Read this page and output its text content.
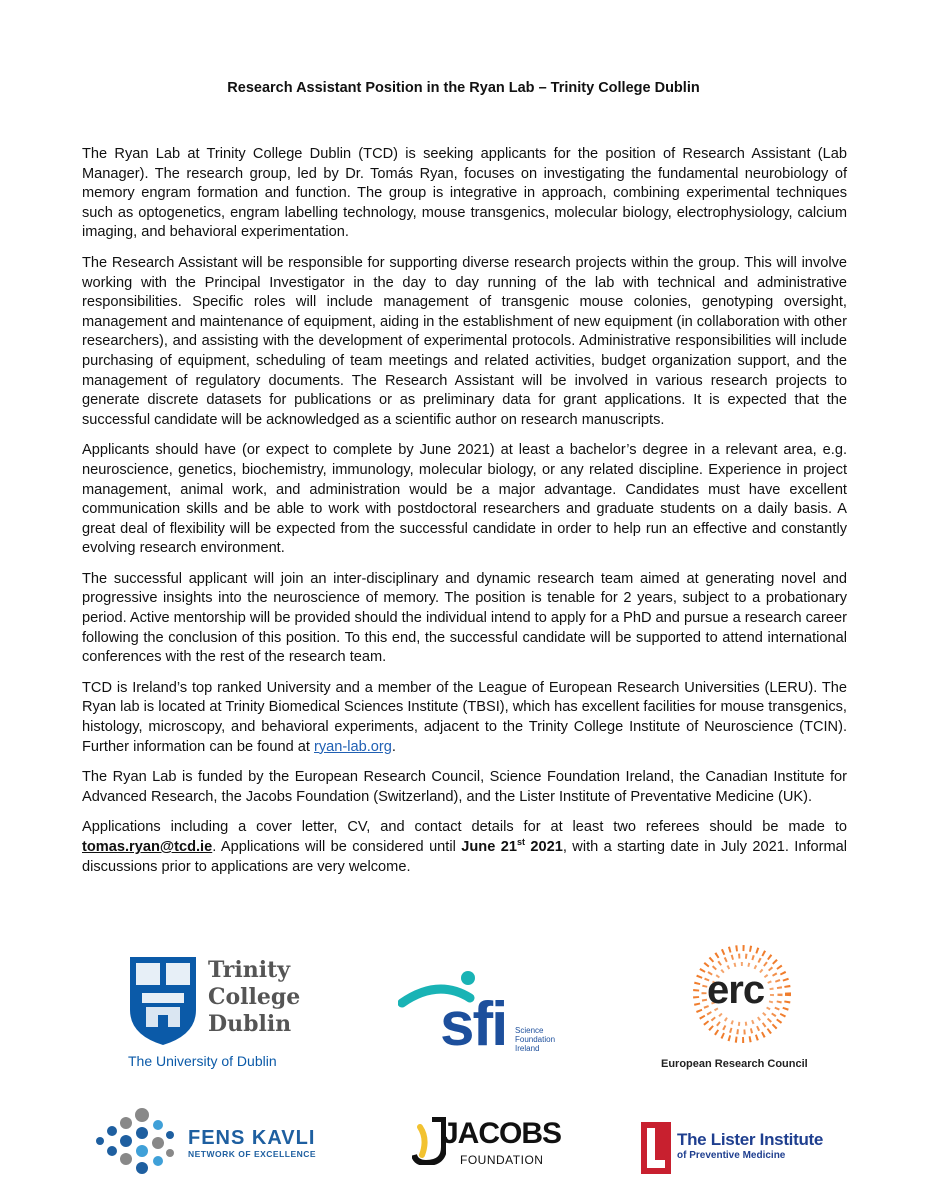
Research Assistant Position in the Ryan Lab – Trinity College Dublin

The Ryan Lab at Trinity College Dublin (TCD) is seeking applicants for the position of Research Assistant (Lab Manager). The research group, led by Dr. Tomás Ryan, focuses on investigating the fundamental neurobiology of memory engram formation and function. The group is integrative in approach, combining experimental techniques such as optogenetics, engram labelling technology, mouse transgenics, molecular biology, electrophysiology, calcium imaging, and behavioral experimentation.

The Research Assistant will be responsible for supporting diverse research projects within the group. This will involve working with the Principal Investigator in the day to day running of the lab with technical and administrative responsibilities. Specific roles will include management of transgenic mouse colonies, genotyping oversight, management and maintenance of equipment, aiding in the establishment of new equipment (in collaboration with other researchers), and assisting with the development of experimental protocols. Administrative responsibilities will include purchasing of equipment, scheduling of team meetings and related activities, budget organization support, and the management of regulatory documents. The Research Assistant will be involved in various research projects to generate discrete datasets for publications or as preliminary data for grant applications. It is expected that the successful candidate will be acknowledged as a scientific author on research manuscripts.

Applicants should have (or expect to complete by June 2021) at least a bachelor’s degree in a relevant area, e.g. neuroscience, genetics, biochemistry, immunology, molecular biology, or any related discipline. Experience in project management, animal work, and administration would be a major advantage. Candidates must have excellent communication skills and be able to work with postdoctoral researchers and graduate students on a daily basis. A great deal of flexibility will be expected from the successful candidate in order to help run an effective and constantly evolving research environment.

The successful applicant will join an inter-disciplinary and dynamic research team aimed at generating novel and progressive insights into the neuroscience of memory. The position is tenable for 2 years, subject to a probationary period. Active mentorship will be provided should the individual intend to apply for a PhD and pursue a research career following the conclusion of this position. To this end, the successful candidate will be supported to attend international conferences with the rest of the research team.

TCD is Ireland’s top ranked University and a member of the League of European Research Universities (LERU). The Ryan lab is located at Trinity Biomedical Sciences Institute (TBSI), which has excellent facilities for mouse transgenics, histology, microscopy, and behavioral experiments, adjacent to the Trinity College Institute of Neuroscience (TCIN). Further information can be found at ryan-lab.org.

The Ryan Lab is funded by the European Research Council, Science Foundation Ireland, the Canadian Institute for Advanced Research, the Jacobs Foundation (Switzerland), and the Lister Institute of Preventative Medicine (UK).

Applications including a cover letter, CV, and contact details for at least two referees should be made to tomas.ryan@tcd.ie. Applications will be considered until June 21st 2021, with a starting date in July 2021. Informal discussions prior to applications are very welcome.

Trinity
College
Dublin
The University of Dublin
sfi Science
Foundation
Ireland
erc
European Research Council
FENS KAVLI
NETWORK OF EXCELLENCE
JACOBS
FOUNDATION
The Lister Institute
of Preventive Medicine
